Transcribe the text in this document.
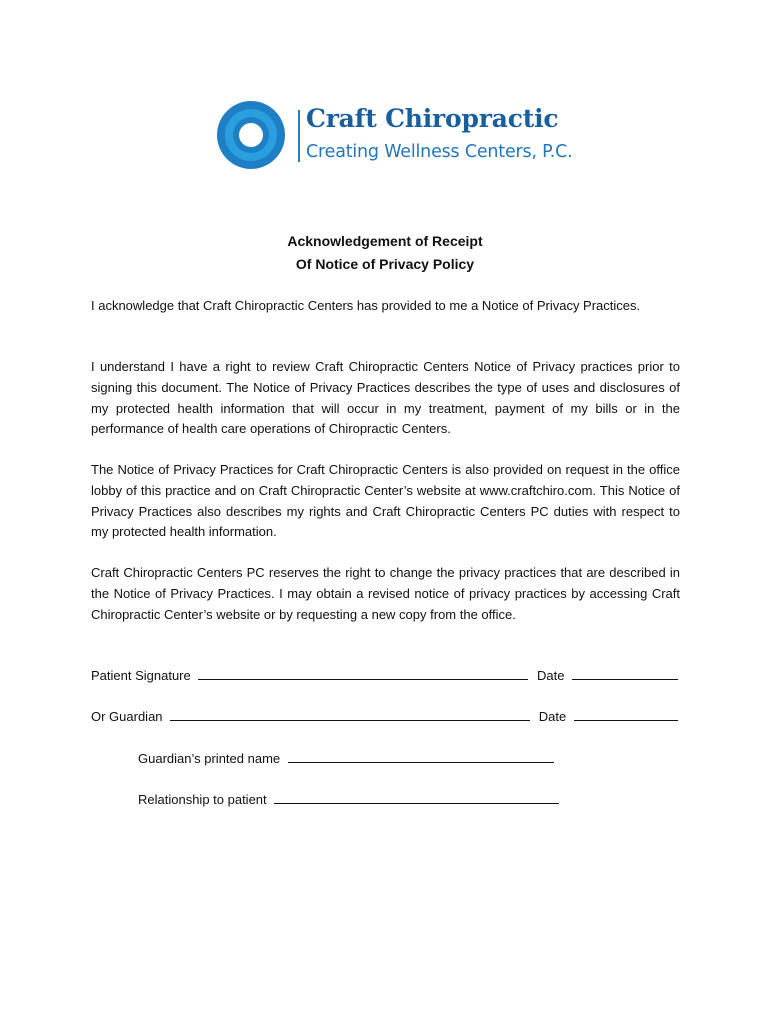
Craft Chiropractic
Creating Wellness Centers, P.C.
Acknowledgement of Receipt
Of Notice of Privacy Policy
I acknowledge that Craft Chiropractic Centers has provided to me a Notice of Privacy Practices.
I understand I have a right to review Craft Chiropractic Centers Notice of Privacy practices prior to signing this document. The Notice of Privacy Practices describes the type of uses and disclosures of my protected health information that will occur in my treatment, payment of my bills or in the performance of health care operations of Chiropractic Centers.
The Notice of Privacy Practices for Craft Chiropractic Centers is also provided on request in the office lobby of this practice and on Craft Chiropractic Center’s website at www.craftchiro.com. This Notice of Privacy Practices also describes my rights and Craft Chiropractic Centers PC duties with respect to my protected health information.
Craft Chiropractic Centers PC reserves the right to change the privacy practices that are described in the Notice of Privacy Practices. I may obtain a revised notice of privacy practices by accessing Craft Chiropractic Center’s website or by requesting a new copy from the office.
Patient Signature	Date
Or Guardian	Date
Guardian’s printed name
Relationship to patient
